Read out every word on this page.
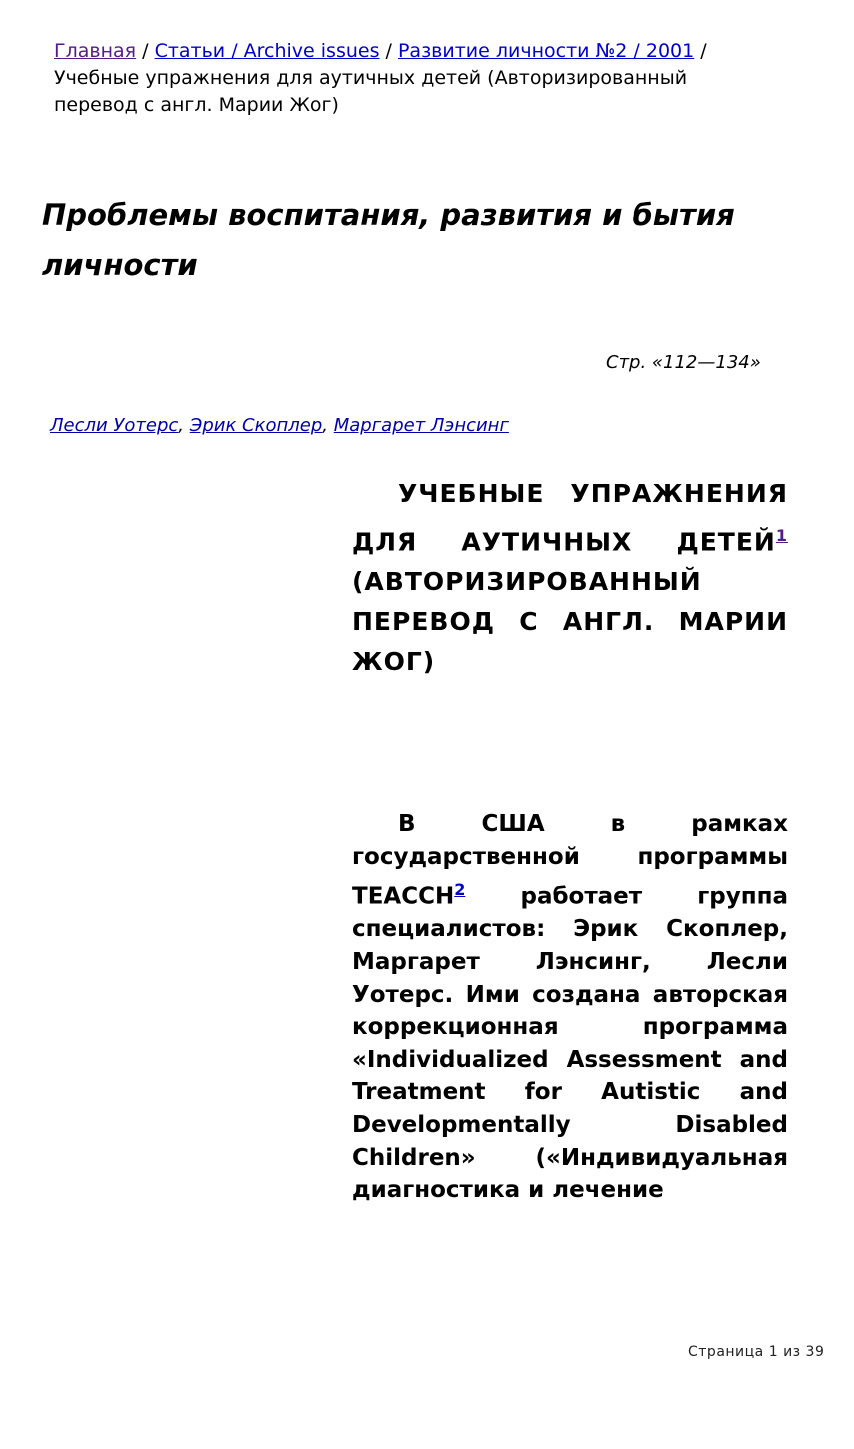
Главная / Статьи / Archive issues / Развитие личности №2 / 2001 / Учебные упражнения для аутичных детей (Авторизированный перевод с англ. Марии Жог)
Проблемы воспитания, развития и бытия личности
Стр. «112—134»
Лесли Уотерс, Эрик Скоплер, Маргарет Лэнсинг
УЧЕБНЫЕ УПРАЖНЕНИЯ ДЛЯ АУТИЧНЫХ ДЕТЕЙ$^1$ (АВТОРИЗИРОВАННЫЙ ПЕРЕВОД С АНГЛ. МАРИИ ЖОГ)

В США в рамках государственной программы TEACCH$^2$ работает группа специалистов: Эрик Скоплер, Маргарет Лэнсинг, Лесли Уотерс. Ими создана авторская коррекционная программа «Individualized Assessment and Treatment for Autistic and Developmentally Disabled Children» («Индивидуальная диагностика и лечение

Страница 1 из 39
